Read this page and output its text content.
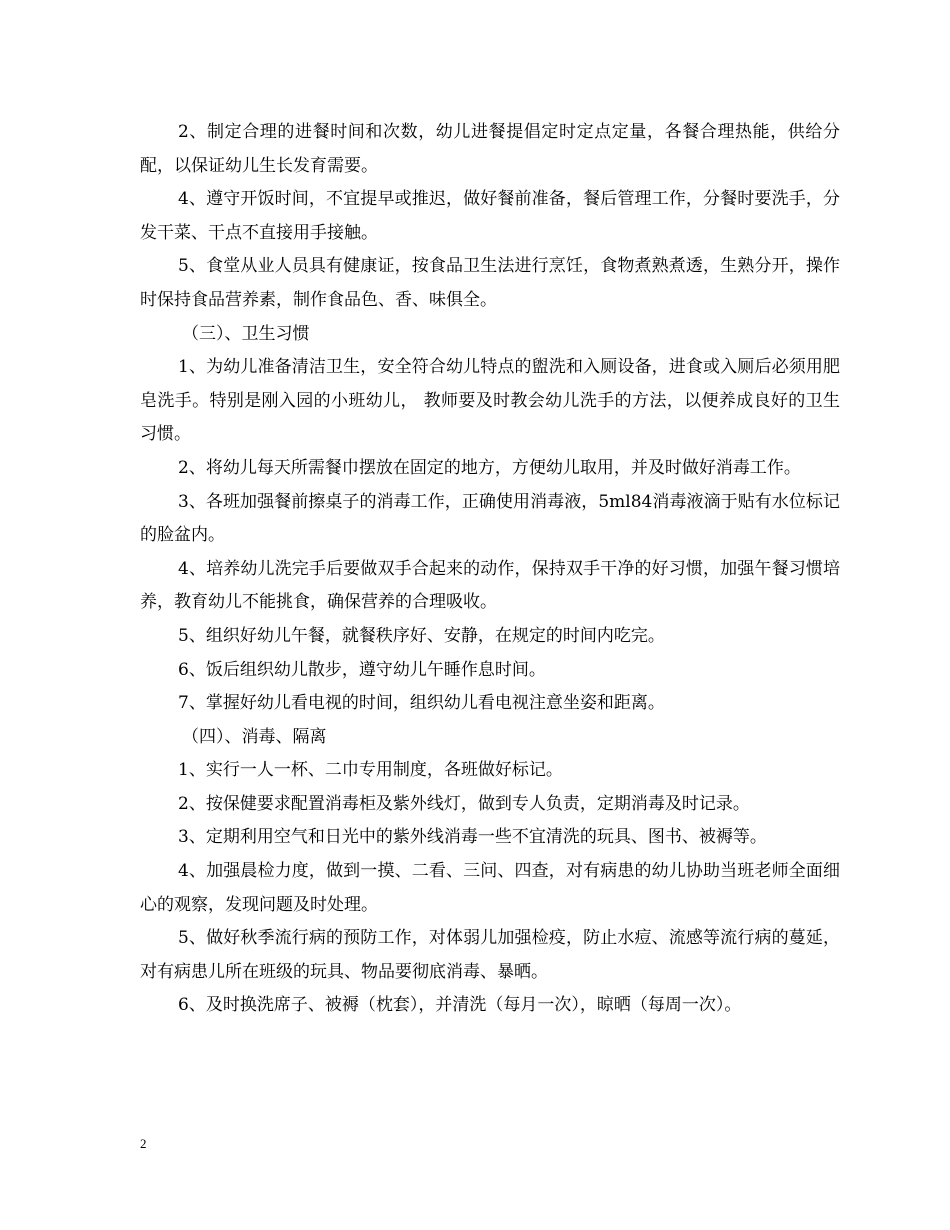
2、制定合理的进餐时间和次数，幼儿进餐提倡定时定点定量，各餐合理热能，供给分配，以保证幼儿生长发育需要。

4、遵守开饭时间，不宜提早或推迟，做好餐前准备，餐后管理工作，分餐时要洗手，分发干菜、干点不直接用手接触。

5、食堂从业人员具有健康证，按食品卫生法进行烹饪，食物煮熟煮透，生熟分开，操作时保持食品营养素，制作食品色、香、味俱全。

（三）、卫生习惯

1、为幼儿准备清洁卫生，安全符合幼儿特点的盥洗和入厕设备，进食或入厕后必须用肥皂洗手。特别是刚入园的小班幼儿， 教师要及时教会幼儿洗手的方法，以便养成良好的卫生习惯。

2、将幼儿每天所需餐巾摆放在固定的地方，方便幼儿取用，并及时做好消毒工作。

3、各班加强餐前擦桌子的消毒工作，正确使用消毒液，5ml84消毒液滴于贴有水位标记的脸盆内。

4、培养幼儿洗完手后要做双手合起来的动作，保持双手干净的好习惯，加强午餐习惯培养，教育幼儿不能挑食，确保营养的合理吸收。

5、组织好幼儿午餐，就餐秩序好、安静，在规定的时间内吃完。

6、饭后组织幼儿散步，遵守幼儿午睡作息时间。

7、掌握好幼儿看电视的时间，组织幼儿看电视注意坐姿和距离。

（四）、消毒、隔离

1、实行一人一杯、二巾专用制度，各班做好标记。

2、按保健要求配置消毒柜及紫外线灯，做到专人负责，定期消毒及时记录。

3、定期利用空气和日光中的紫外线消毒一些不宜清洗的玩具、图书、被褥等。

4、加强晨检力度，做到一摸、二看、三问、四查，对有病患的幼儿协助当班老师全面细心的观察，发现问题及时处理。

5、做好秋季流行病的预防工作，对体弱儿加强检疫，防止水痘、流感等流行病的蔓延，对有病患儿所在班级的玩具、物品要彻底消毒、暴晒。

6、及时换洗席子、被褥（枕套），并清洗（每月一次），晾晒（每周一次）。

2
